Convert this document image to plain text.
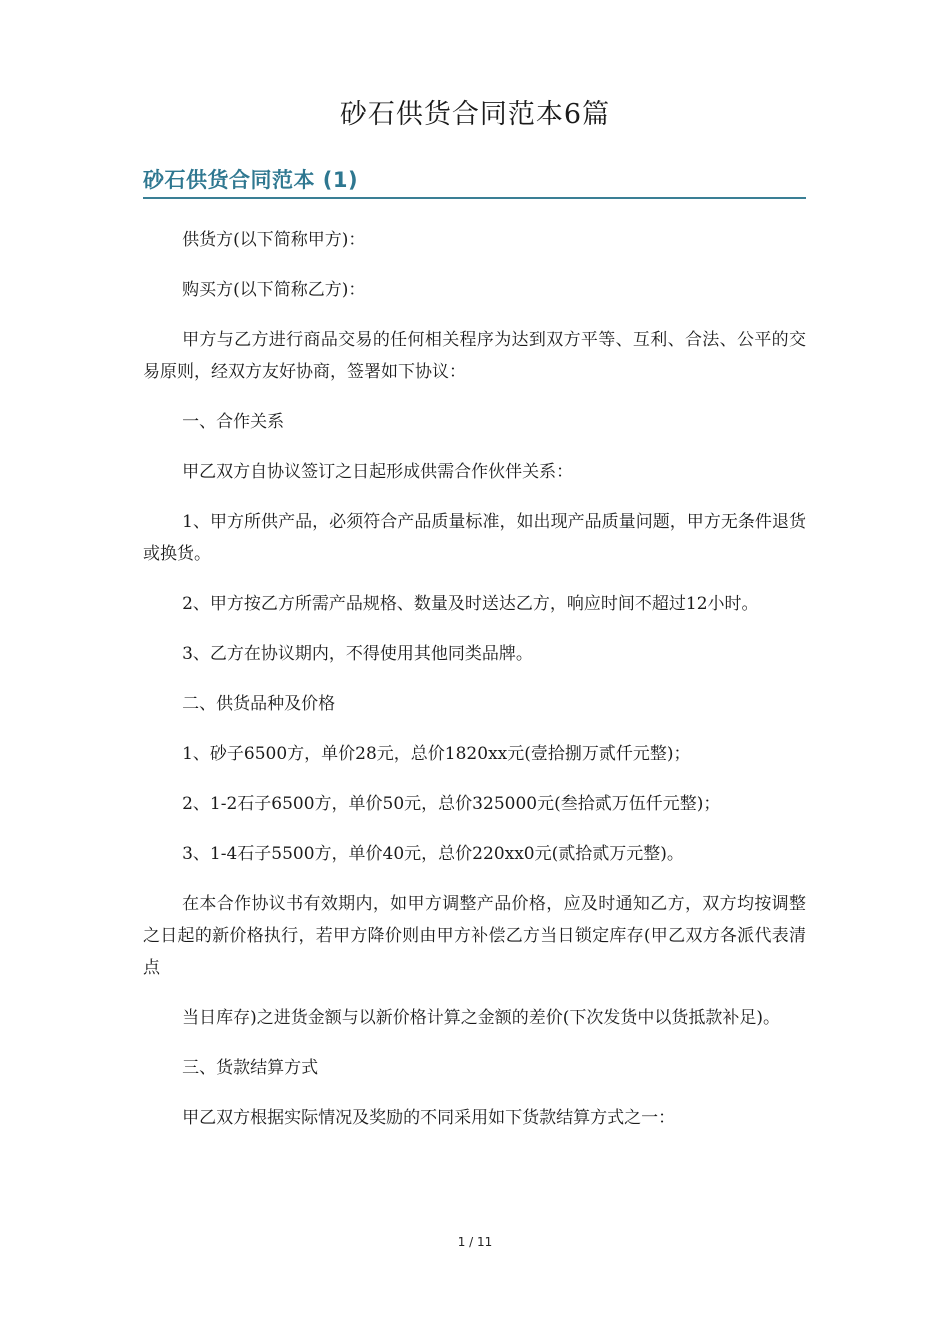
砂石供货合同范本6篇
砂石供货合同范本 (1)

供货方(以下简称甲方)：

购买方(以下简称乙方)：

甲方与乙方进行商品交易的任何相关程序为达到双方平等、互利、合法、公平的交易原则，经双方友好协商，签署如下协议：

一、合作关系

甲乙双方自协议签订之日起形成供需合作伙伴关系：

1、甲方所供产品，必须符合产品质量标准，如出现产品质量问题，甲方无条件退货或换货。

2、甲方按乙方所需产品规格、数量及时送达乙方，响应时间不超过12小时。

3、乙方在协议期内，不得使用其他同类品牌。

二、供货品种及价格

1、砂子6500方，单价28元，总价1820xx元(壹拾捌万贰仟元整)；

2、1-2石子6500方，单价50元，总价325000元(叁拾贰万伍仟元整)；

3、1-4石子5500方，单价40元，总价220xx0元(贰拾贰万元整)。

在本合作协议书有效期内，如甲方调整产品价格，应及时通知乙方，双方均按调整之日起的新价格执行，若甲方降价则由甲方补偿乙方当日锁定库存(甲乙双方各派代表清点

当日库存)之进货金额与以新价格计算之金额的差价(下次发货中以货抵款补足)。

三、货款结算方式

甲乙双方根据实际情况及奖励的不同采用如下货款结算方式之一：

1 / 11
